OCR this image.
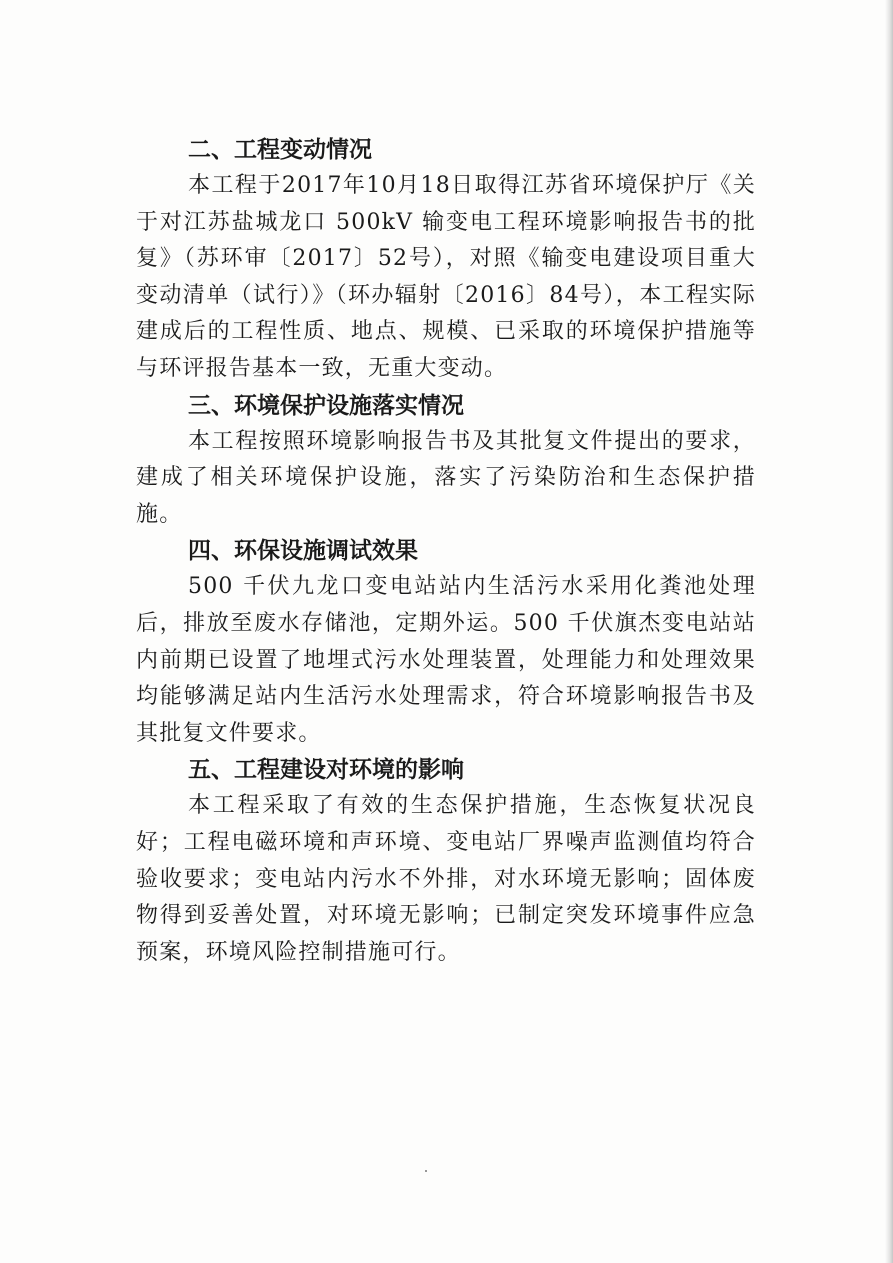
二、工程变动情况

本工程于2017年10月18日取得江苏省环境保护厅《关于对江苏盐城龙口 500kV 输变电工程环境影响报告书的批复》（苏环审〔2017〕52号），对照《输变电建设项目重大变动清单（试行）》（环办辐射〔2016〕84号），本工程实际建成后的工程性质、地点、规模、已采取的环境保护措施等与环评报告基本一致，无重大变动。

三、环境保护设施落实情况

本工程按照环境影响报告书及其批复文件提出的要求，建成了相关环境保护设施，落实了污染防治和生态保护措施。

四、环保设施调试效果

500 千伏九龙口变电站站内生活污水采用化粪池处理后，排放至废水存储池，定期外运。500 千伏旗杰变电站站内前期已设置了地埋式污水处理装置，处理能力和处理效果均能够满足站内生活污水处理需求，符合环境影响报告书及其批复文件要求。

五、工程建设对环境的影响

本工程采取了有效的生态保护措施，生态恢复状况良好；工程电磁环境和声环境、变电站厂界噪声监测值均符合验收要求；变电站内污水不外排，对水环境无影响；固体废物得到妥善处置，对环境无影响；已制定突发环境事件应急预案，环境风险控制措施可行。
